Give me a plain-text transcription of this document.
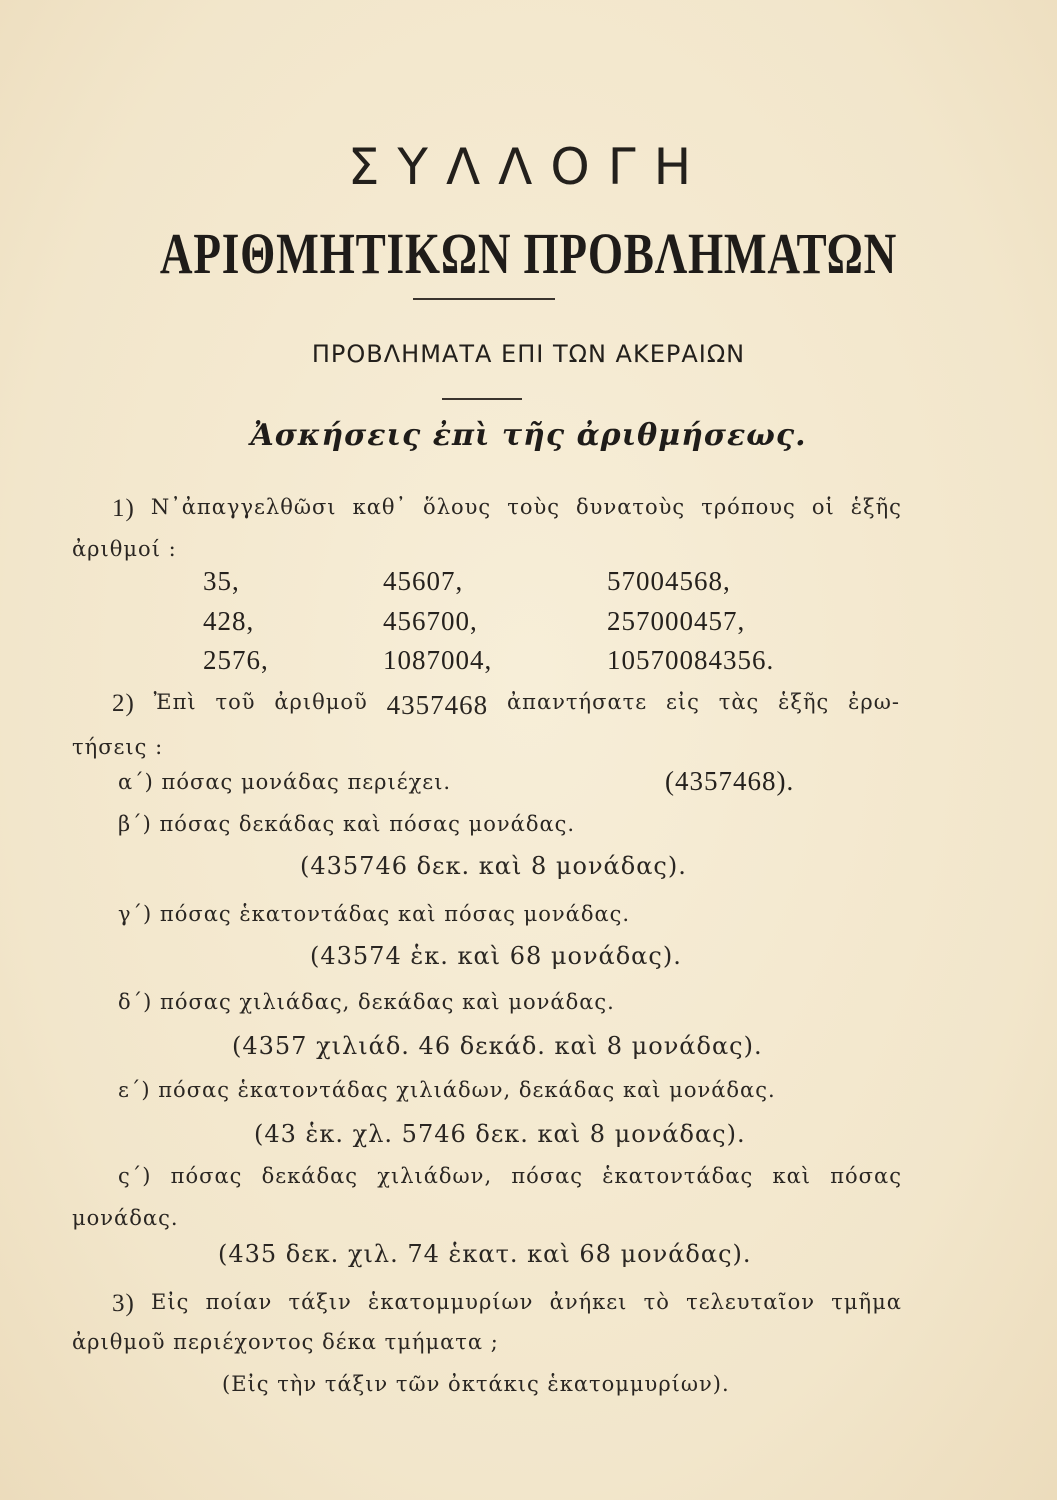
ΣΥΛΛΟΓΗ
ΑΡΙΘΜΗΤΙΚΩΝ ΠΡΟΒΛΗΜΑΤΩΝ
ΠΡΟΒΛΗΜΑΤΑ ΕΠΙ ΤΩΝ ΑΚΕΡΑΙΩΝ
Ἀσκήσεις ἐπὶ τῆς ἀριθμήσεως.
1) Ν᾽ἀπαγγελθῶσι καθ᾽ ὅλους τοὺς δυνατοὺς τρόπους οἱ ἑξῆς
ἀριθμοί :
35,	45607,	57004568,
428,	456700,	257000457,
2576,	1087004,	10570084356.
2) Ἐπὶ τοῦ ἀριθμοῦ 4357468 ἀπαντήσατε εἰς τὰς ἑξῆς ἐρω-
τήσεις :
α΄) πόσας μονάδας περιέχει.	(4357468).
β΄) πόσας δεκάδας καὶ πόσας μονάδας.
(435746 δεκ. καὶ 8 μονάδας).
γ΄) πόσας ἑκατοντάδας καὶ πόσας μονάδας.
(43574 ἑκ. καὶ 68 μονάδας).
δ΄) πόσας χιλιάδας, δεκάδας καὶ μονάδας.
(4357 χιλιάδ. 46 δεκάδ. καὶ 8 μονάδας).
ε΄) πόσας ἑκατοντάδας χιλιάδων, δεκάδας καὶ μονάδας.
(43 ἑκ. χλ. 5746 δεκ. καὶ 8 μονάδας).
ς΄) πόσας δεκάδας χιλιάδων, πόσας ἑκατοντάδας καὶ πόσας
μονάδας.
(435 δεκ. χιλ. 74 ἑκατ. καὶ 68 μονάδας).
3) Εἰς ποίαν τάξιν ἑκατομμυρίων ἀνήκει τὸ τελευταῖον τμῆμα
ἀριθμοῦ περιέχοντος δέκα τμήματα ;
(Εἰς τὴν τάξιν τῶν ὀκτάκις ἑκατομμυρίων).
